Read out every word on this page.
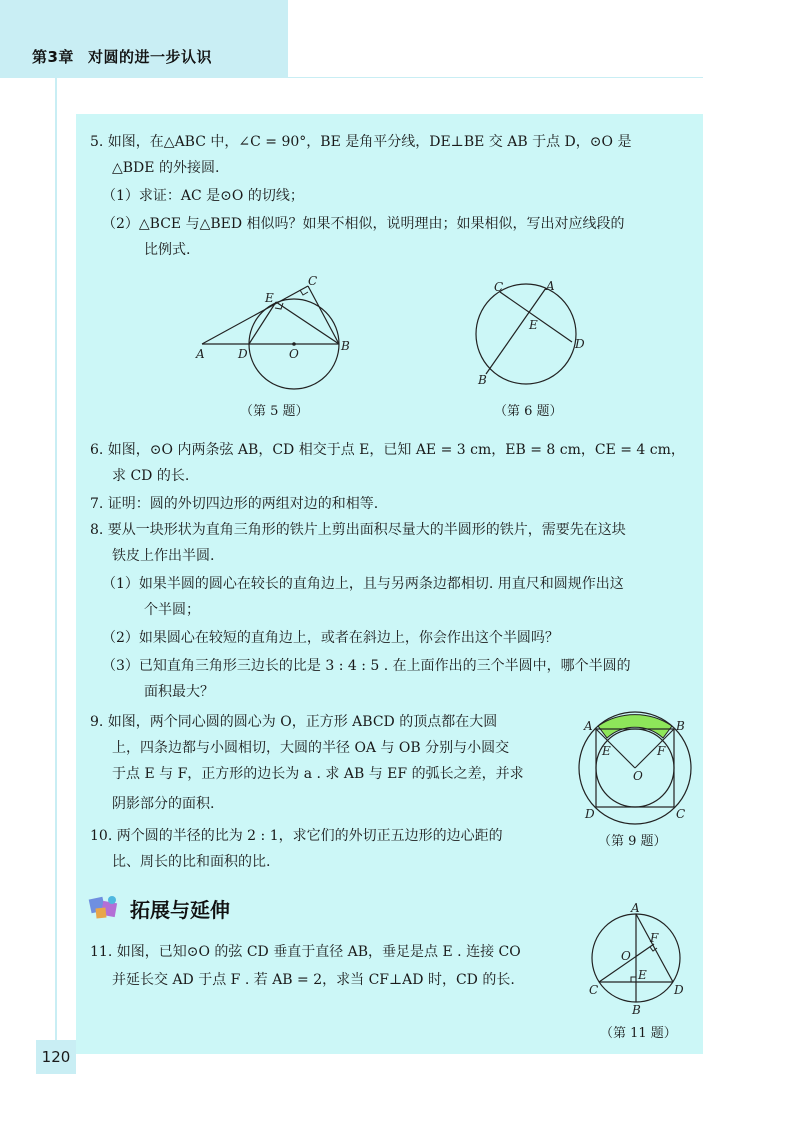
第3章 对圆的进一步认识
5. 如图，在△ABC 中，∠C = 90°，BE 是角平分线，DE⊥BE 交 AB 于点 D，⊙O 是
△BDE 的外接圆.
（1）求证：AC 是⊙O 的切线；
（2）△BCE 与△BED 相似吗？如果不相似，说明理由；如果相似，写出对应线段的
比例式.
A
B
C
D
E
O
（第 5 题）
C	A
E
D
B
（第 6 题）
6. 如图，⊙O 内两条弦 AB，CD 相交于点 E，已知 AE = 3 cm，EB = 8 cm，CE = 4 cm，
求 CD 的长.
7. 证明：圆的外切四边形的两组对边的和相等.
8. 要从一块形状为直角三角形的铁片上剪出面积尽量大的半圆形的铁片，需要先在这块
铁皮上作出半圆.
（1）如果半圆的圆心在较长的直角边上，且与另两条边都相切. 用直尺和圆规作出这
个半圆；
（2）如果圆心在较短的直角边上，或者在斜边上，你会作出这个半圆吗？
（3）已知直角三角形三边长的比是 3 : 4 : 5 . 在上面作出的三个半圆中，哪个半圆的
面积最大？
9. 如图，两个同心圆的圆心为 O，正方形 ABCD 的顶点都在大圆
上，四条边都与小圆相切，大圆的半径 OA 与 OB 分别与小圆交
于点 E 与 F，正方形的边长为 a . 求 AB 与 EF 的弧长之差，并求
阴影部分的面积.
A	B
E	F
O
D	C
（第 9 题）
10. 两个圆的半径的比为 2 : 1，求它们的外切正五边形的边心距的
比、周长的比和面积的比.
拓展与延伸
11. 如图，已知⊙O 的弦 CD 垂直于直径 AB，垂足是点 E . 连接 CO
并延长交 AD 于点 F . 若 AB = 2，求当 CF⊥AD 时，CD 的长.
A
F
O
E
C	D
B
（第 11 题）
120
